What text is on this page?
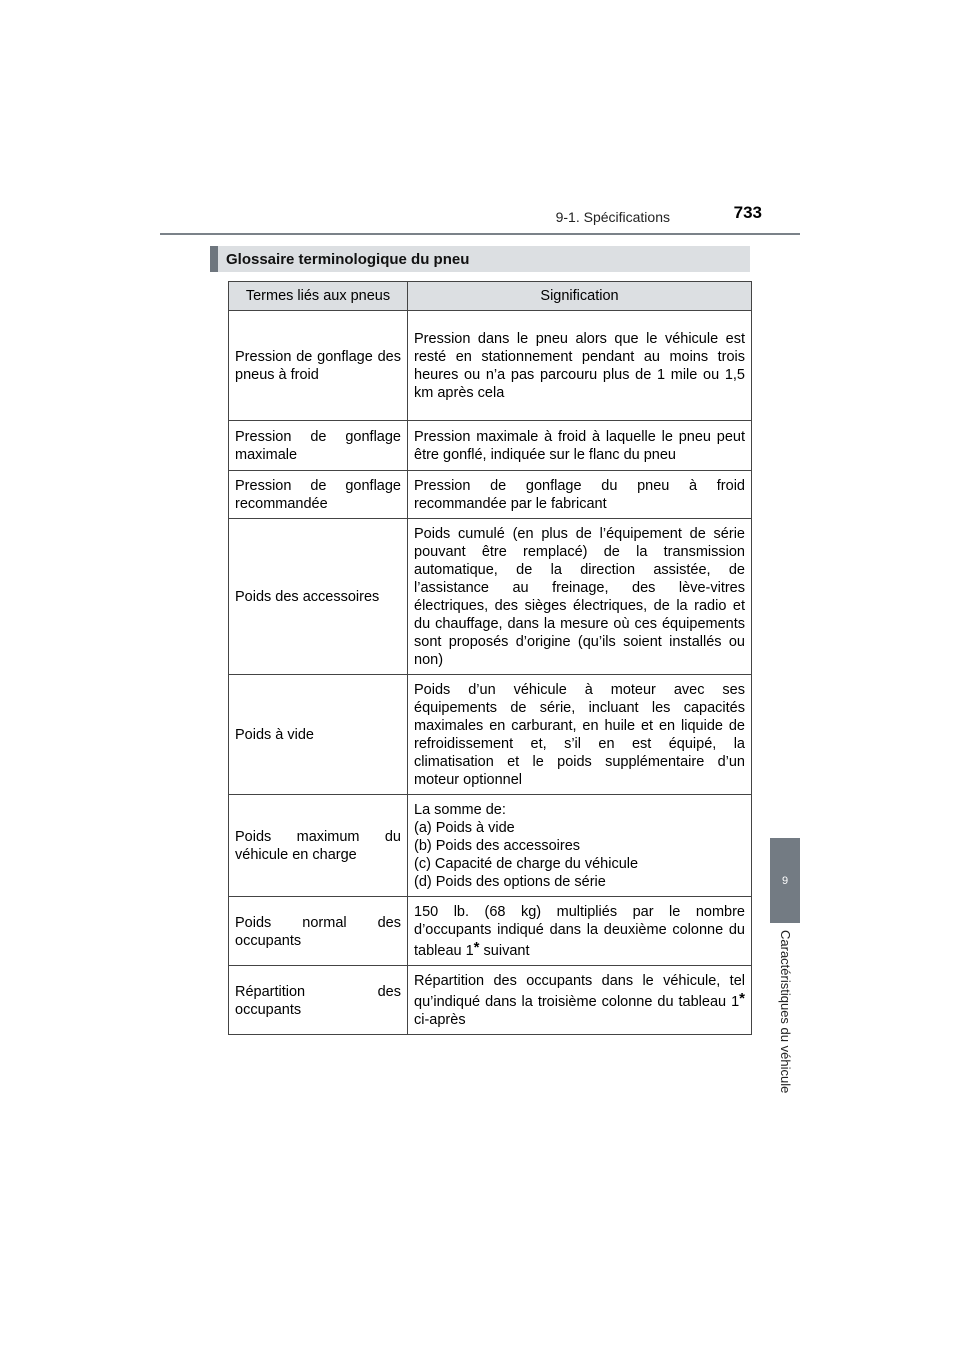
9-1. Spécifications	733
9
Caractéristiques du véhicule
Glossaire terminologique du pneu
Termes liés aux pneus	Signification
Pression de gonflage des pneus à froid	Pression dans le pneu alors que le véhicule est resté en stationnement pendant au moins trois heures ou n’a pas parcouru plus de 1 mile ou 1,5 km après cela
Pression de gonflage maximale	Pression maximale à froid à laquelle le pneu peut être gonflé, indiquée sur le flanc du pneu
Pression de gonflage recommandée	Pression de gonflage du pneu à froid recommandée par le fabricant
Poids des accessoires	Poids cumulé (en plus de l’équipement de série pouvant être remplacé) de la transmission automatique, de la direction assistée, de l’assistance au freinage, des lève-vitres électriques, des sièges électriques, de la radio et du chauffage, dans la mesure où ces équipements sont proposés d’origine (qu’ils soient installés ou non)
Poids à vide	Poids d’un véhicule à moteur avec ses équipements de série, incluant les capacités maximales en carburant, en huile et en liquide de refroidissement et, s’il en est équipé, la climatisation et le poids supplémentaire d’un moteur optionnel
Poids maximum du véhicule en charge	La somme de:
(a) Poids à vide
(b) Poids des accessoires
(c) Capacité de charge du véhicule
(d) Poids des options de série

Poids normal des occupants	150 lb. (68 kg) multipliés par le nombre d’occupants indiqué dans la deuxième colonne du tableau 1* suivant
Répartition des occupants	Répartition des occupants dans le véhicule, tel qu’indiqué dans la troisième colonne du tableau 1* ci-après
